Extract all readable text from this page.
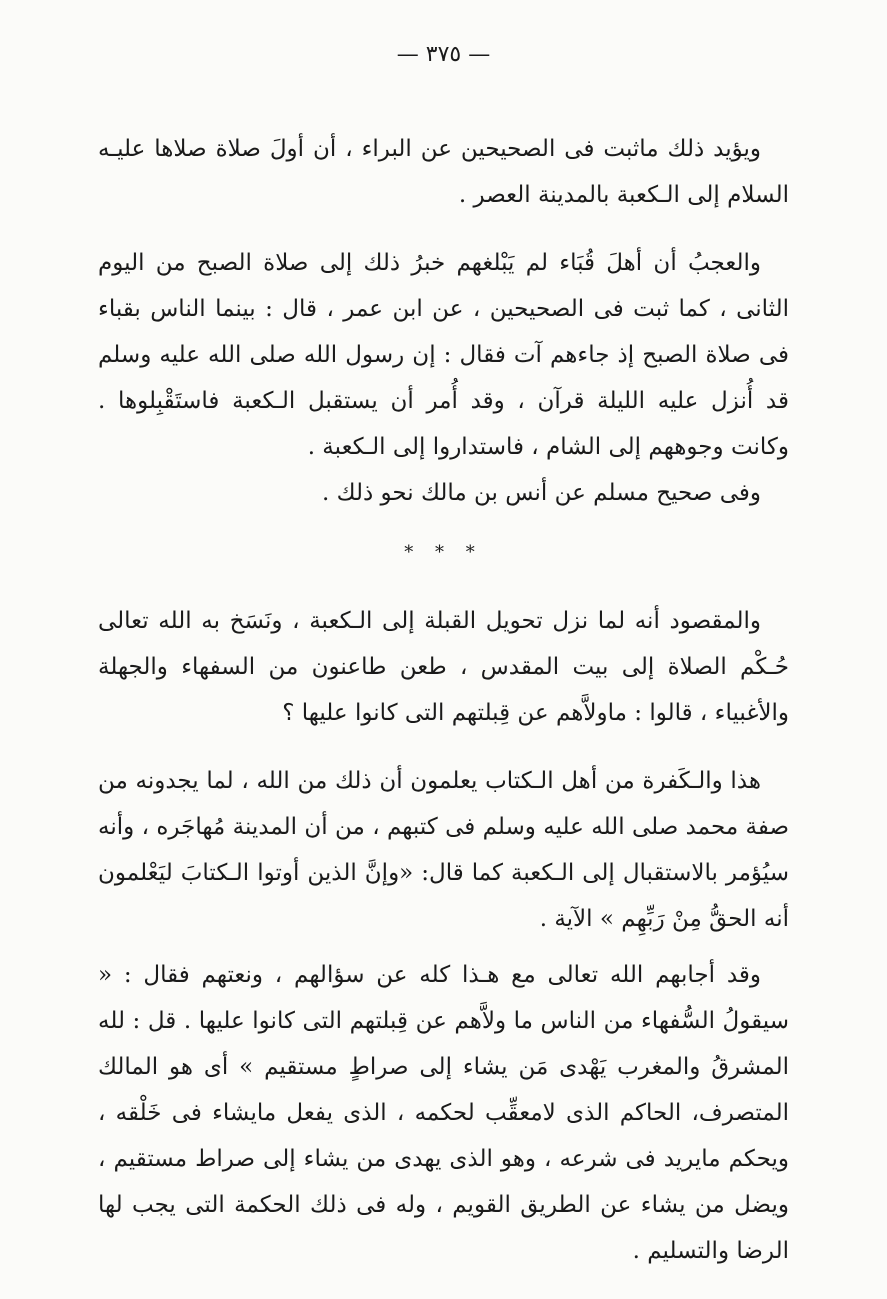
— ٣٧٥ —

ويؤيد ذلك ماثبت فى الصحيحين عن البراء ، أن أولَ صلاة صلاها عليـه السلام إلى الـكعبة بالمدينة العصر .

والعجبُ أن أهلَ قُبَاء لم يَبْلغهم خبرُ ذلك إلى صلاة الصبح من اليوم الثانى ، كما ثبت فى الصحيحين ، عن ابن عمر ، قال : بينما الناس بقباء فى صلاة الصبح إذ جاءهم آت فقال : إن رسول الله صلى الله عليه وسلم قد أُنزل عليه الليلة قرآن ، وقد أُمر أن يستقبل الـكعبة فاستَقْبِلوها . وكانت وجوههم إلى الشام ، فاستداروا إلى الـكعبة .

وفى صحيح مسلم عن أنس بن مالك نحو ذلك .

* * *

والمقصود أنه لما نزل تحويل القبلة إلى الـكعبة ، ونَسَخ به الله تعالى حُـكْم الصلاة إلى بيت المقدس ، طعن طاعنون من السفهاء والجهلة والأغبياء ، قالوا : ماولاَّهم عن قِبلتهم التى كانوا عليها ؟

هذا والـكَفرة من أهل الـكتاب يعلمون أن ذلك من الله ، لما يجدونه من صفة محمد صلى الله عليه وسلم فى كتبهم ، من أن المدينة مُهاجَره ، وأنه سيُؤمر بالاستقبال إلى الـكعبة كما قال: «وإنَّ الذين أوتوا الـكتابَ ليَعْلمون أنه الحقُّ مِنْ رَبِّهِم » الآية .

وقد أجابهم الله تعالى مع هـذا كله عن سؤالهم ، ونعتهم فقال : « سيقولُ السُّفهاء من الناس ما ولاَّهم عن قِبلتهم التى كانوا عليها . قل : لله المشرقُ والمغرب يَهْدى مَن يشاء إلى صراطٍ مستقيم » أى هو المالك المتصرف، الحاكم الذى لامعقِّب لحكمه ، الذى يفعل مايشاء فى خَلْقه ، ويحكم مايريد فى شرعه ، وهو الذى يهدى من يشاء إلى صراط مستقيم ، ويضل من يشاء عن الطريق القويم ، وله فى ذلك الحكمة التى يجب لها الرضا والتسليم .
